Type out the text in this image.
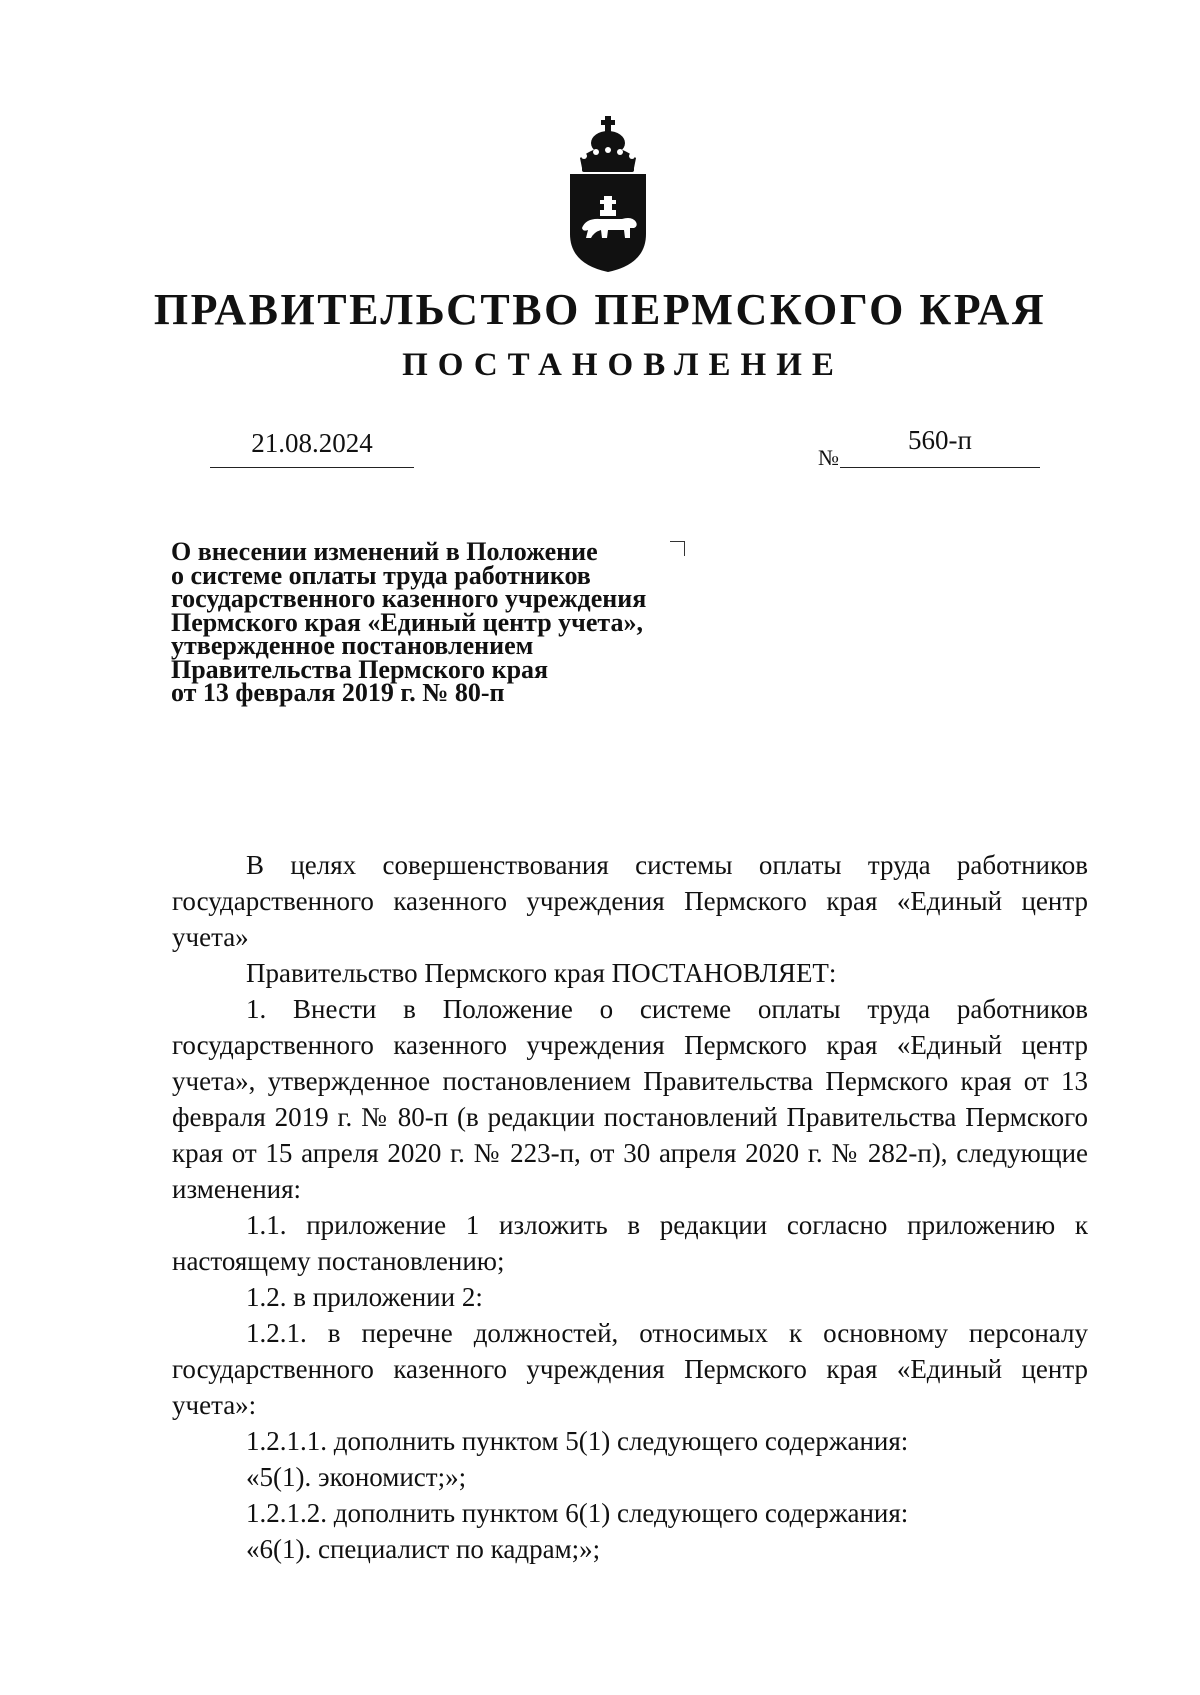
ПРАВИТЕЛЬСТВО ПЕРМСКОГО КРАЯ
ПОСТАНОВЛЕНИЕ
21.08.2024	№
560-п
О внесении изменений в Положение
о системе оплаты труда работников
государственного казенного учреждения
Пермского края «Единый центр учета»,
утвержденное постановлением
Правительства Пермского края
от 13 февраля 2019 г. № 80-п

В целях совершенствования системы оплаты труда работников государственного казенного учреждения Пермского края «Единый центр учета»

Правительство Пермского края ПОСТАНОВЛЯЕТ:

1. Внести в Положение о системе оплаты труда работников государственного казенного учреждения Пермского края «Единый центр учета», утвержденное постановлением Правительства Пермского края от 13 февраля 2019 г. № 80-п (в редакции постановлений Правительства Пермского края от 15 апреля 2020 г. № 223-п, от 30 апреля 2020 г. № 282-п), следующие изменения:

1.1. приложение 1 изложить в редакции согласно приложению к настоящему постановлению;

1.2. в приложении 2:

1.2.1. в перечне должностей, относимых к основному персоналу государственного казенного учреждения Пермского края «Единый центр учета»:

1.2.1.1. дополнить пунктом 5(1) следующего содержания:

«5(1). экономист;»;

1.2.1.2. дополнить пунктом 6(1) следующего содержания:

«6(1). специалист по кадрам;»;
